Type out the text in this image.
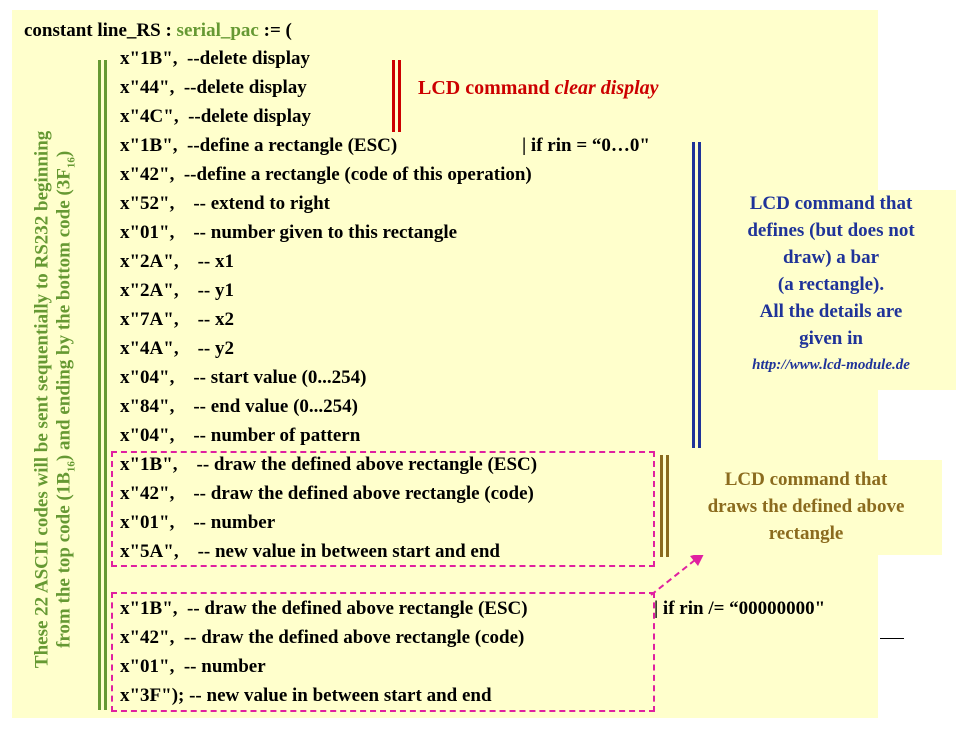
constant line_RS : serial_pac := (
These 22 ASCII codes will be sent sequentially to RS232 beginning from the top code $(1B_{16})$ and ending by the bottom code $(3F_{16})$
x"1B",  --delete display
x"44",  --delete display
x"4C",  --delete display
x"1B",  --define a rectangle (ESC)
x"42",  --define a rectangle (code of this operation)
x"52",    -- extend to right
x"01",    -- number given to this rectangle
x"2A",    -- x1
x"2A",    -- y1
x"7A",    -- x2
x"4A",    -- y2
x"04",    -- start value (0...254)
x"84",    -- end value (0...254)
x"04",    -- number of pattern
x"1B",    -- draw the defined above rectangle (ESC)
x"42",    -- draw the defined above rectangle (code)
x"01",    -- number
x"5A",    -- new value in between start and end
x"1B",  -- draw the defined above rectangle (ESC)
x"42",  -- draw the defined above rectangle (code)
x"01",  -- number
x"3F"); -- new value in between start and end
| if rin = “0…0"
| if rin /= “00000000"
LCD command clear display
LCD command that
defines (but does not
draw) a bar
(a rectangle).
All the details are
given in
http://www.lcd-module.de
LCD command that
draws the defined above
rectangle
